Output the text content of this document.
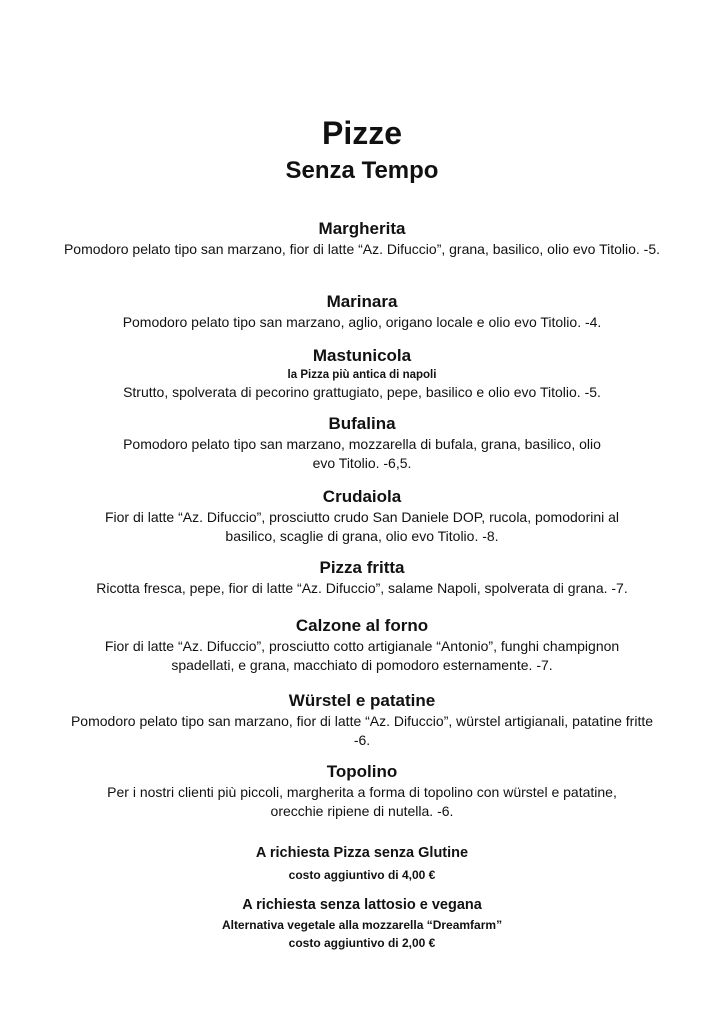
Pizze
Senza Tempo
Margherita
Pomodoro pelato tipo san marzano, fior di latte “Az. Difuccio”, grana, basilico, olio evo Titolio. -5.
Marinara
Pomodoro pelato tipo san marzano, aglio, origano locale e olio evo Titolio. -4.
Mastunicola
la Pizza più antica di napoli
Strutto, spolverata di pecorino grattugiato, pepe, basilico e olio evo Titolio. -5.
Bufalina
Pomodoro pelato tipo san marzano, mozzarella di bufala, grana, basilico, olio evo Titolio. -6,5.
Crudaiola
Fior di latte “Az. Difuccio”, prosciutto crudo San Daniele DOP, rucola, pomodorini al basilico, scaglie di grana, olio evo Titolio. -8.
Pizza fritta
Ricotta fresca, pepe, fior di latte “Az. Difuccio”, salame Napoli, spolverata di grana. -7.
Calzone al forno
Fior di latte “Az. Difuccio”, prosciutto cotto artigianale “Antonio”, funghi champignon spadellati, e grana, macchiato di pomodoro esternamente. -7.
Würstel e patatine
Pomodoro pelato tipo san marzano, fior di latte “Az. Difuccio”, würstel artigianali, patatine fritte -6.
Topolino
Per i nostri clienti più piccoli, margherita a forma di topolino con würstel e patatine, orecchie ripiene di nutella. -6.
A richiesta Pizza senza Glutine
costo aggiuntivo di 4,00 €
A richiesta senza lattosio e vegana
Alternativa vegetale alla mozzarella “Dreamfarm”
costo aggiuntivo di 2,00 €
